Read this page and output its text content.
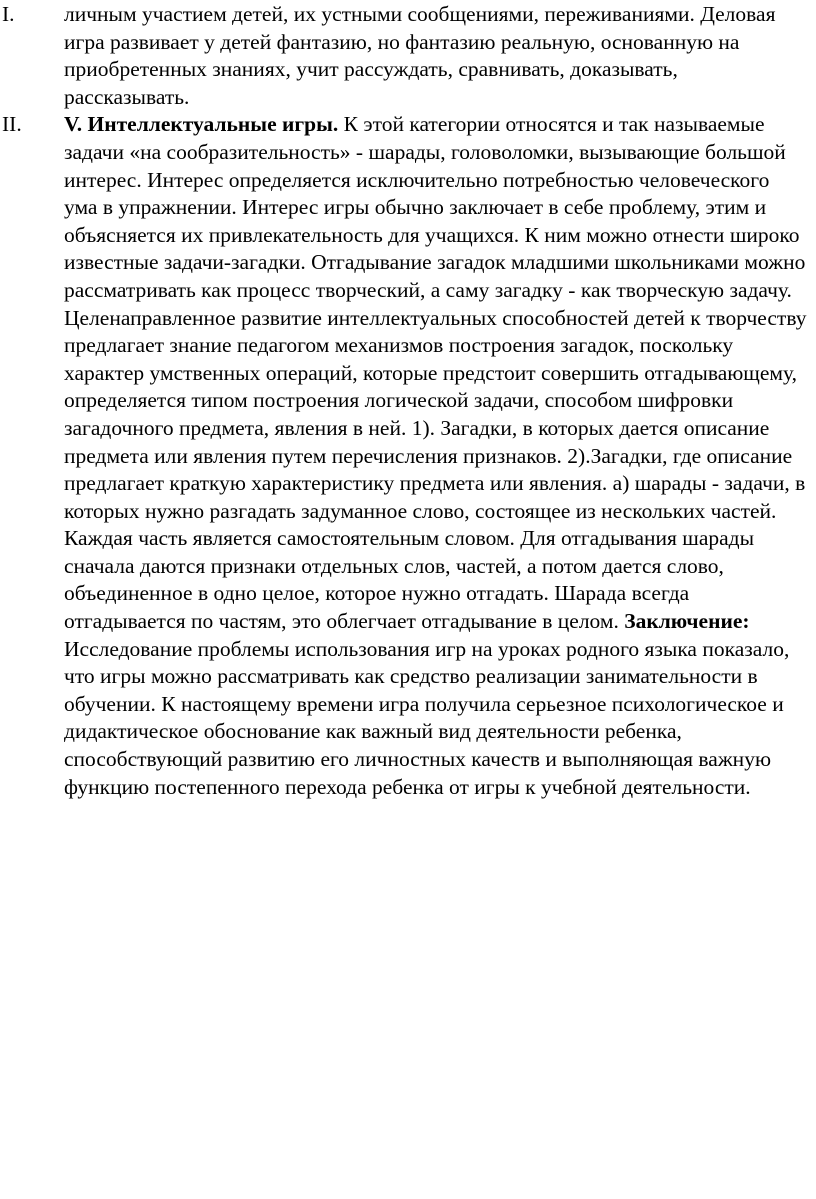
I.	личным участием детей, их устными сообщениями, переживаниями. Деловая игра развивает у детей фантазию, но фантазию реальную, основанную на приобретенных знаниях, учит рассуждать, сравнивать, доказывать, рассказывать.
II.	V. Интеллектуальные игры. К этой категории относятся и так называемые задачи «на сообразительность» - шарады, головоломки, вызывающие большой интерес. Интерес определяется исключительно потребностью человеческого ума в упражнении. Интерес игры обычно заключает в себе проблему, этим и объясняется их привлекательность для учащихся. К ним можно отнести широко известные задачи-загадки. Отгадывание загадок младшими школьниками можно рассматривать как процесс творческий, а саму загадку - как творческую задачу. Целенаправленное развитие интеллектуальных способностей детей к творчеству предлагает знание педагогом механизмов построения загадок, поскольку характер умственных операций, которые предстоит совершить отгадывающему, определяется типом построения логической задачи, способом шифровки загадочного предмета, явления в ней. 1). Загадки, в которых дается описание предмета или явления путем перечисления признаков. 2).Загадки, где описание предлагает краткую характеристику предмета или явления. а) шарады - задачи, в которых нужно разгадать задуманное слово, состоящее из нескольких частей. Каждая часть является самостоятельным словом. Для отгадывания шарады сначала даются признаки отдельных слов, частей, а потом дается слово, объединенное в одно целое, которое нужно отгадать. Шарада всегда отгадывается по частям, это облегчает отгадывание в целом. Заключение: Исследование проблемы использования игр на уроках родного языка показало, что игры можно рассматривать как средство реализации занимательности в обучении. К настоящему времени игра получила серьезное психологическое и дидактическое обоснование как важный вид деятельности ребенка, способствующий развитию его личностных качеств и выполняющая важную функцию постепенного перехода ребенка от игры к учебной деятельности.
